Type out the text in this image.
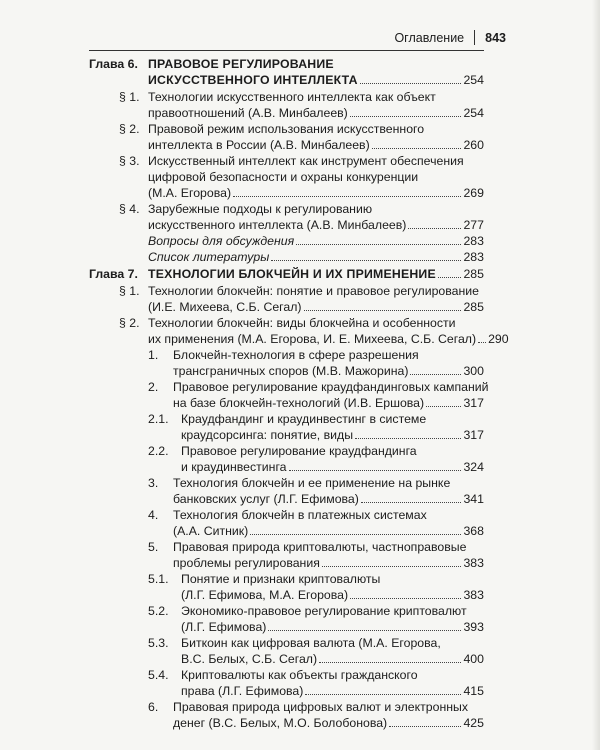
Оглавление 843
Глава 6. ПРАВОВОЕ РЕГУЛИРОВАНИЕ
ИСКУССТВЕННОГО ИНТЕЛЛЕКТА	254
§ 1. Технологии искусственного интеллекта как объект
правоотношений (А.В. Минбалеев)	254
§ 2. Правовой режим использования искусственного
интеллекта в России (А.В. Минбалеев)	260
§ 3. Искусственный интеллект как инструмент обеспечения
цифровой безопасности и охраны конкуренции
(М.А. Егорова)	269
§ 4. Зарубежные подходы к регулированию
искусственного интеллекта (А.В. Минбалеев)	277
Вопросы для обсуждения	283
Список литературы	283
Глава 7. ТЕХНОЛОГИИ БЛОКЧЕЙН И ИХ ПРИМЕНЕНИЕ 285
§ 1. Технологии блокчейн: понятие и правовое регулирование
(И.Е. Михеева, С.Б. Сегал)	285
§ 2. Технологии блокчейн: виды блокчейна и особенности
их применения (М.А. Егорова, И. Е. Михеева, С.Б. Сегал) 290
1. Блокчейн-технология в сфере разрешения
трансграничных споров (М.В. Мажорина)	300
2. Правовое регулирование краудфандинговых кампаний
на базе блокчейн-технологий (И.В. Ершова)	317
2.1. Краудфандинг и краудинвестинг в системе
краудсорсинга: понятие, виды	317
2.2. Правовое регулирование краудфандинга
и краудинвестинга	324
3. Технология блокчейн и ее применение на рынке
банковских услуг (Л.Г. Ефимова)	341
4. Технология блокчейн в платежных системах
(А.А. Ситник)	368
5. Правовая природа криптовалюты, частноправовые
проблемы регулирования	383
5.1. Понятие и признаки криптовалюты
(Л.Г. Ефимова, М.А. Егорова)	383
5.2. Экономико-правовое регулирование криптовалют
(Л.Г. Ефимова)	393
5.3. Биткоин как цифровая валюта (М.А. Егорова,
В.С. Белых, С.Б. Сегал)	400
5.4. Криптовалюты как объекты гражданского
права (Л.Г. Ефимова)	415
6. Правовая природа цифровых валют и электронных
денег (В.С. Белых, М.О. Болобонова)	425
